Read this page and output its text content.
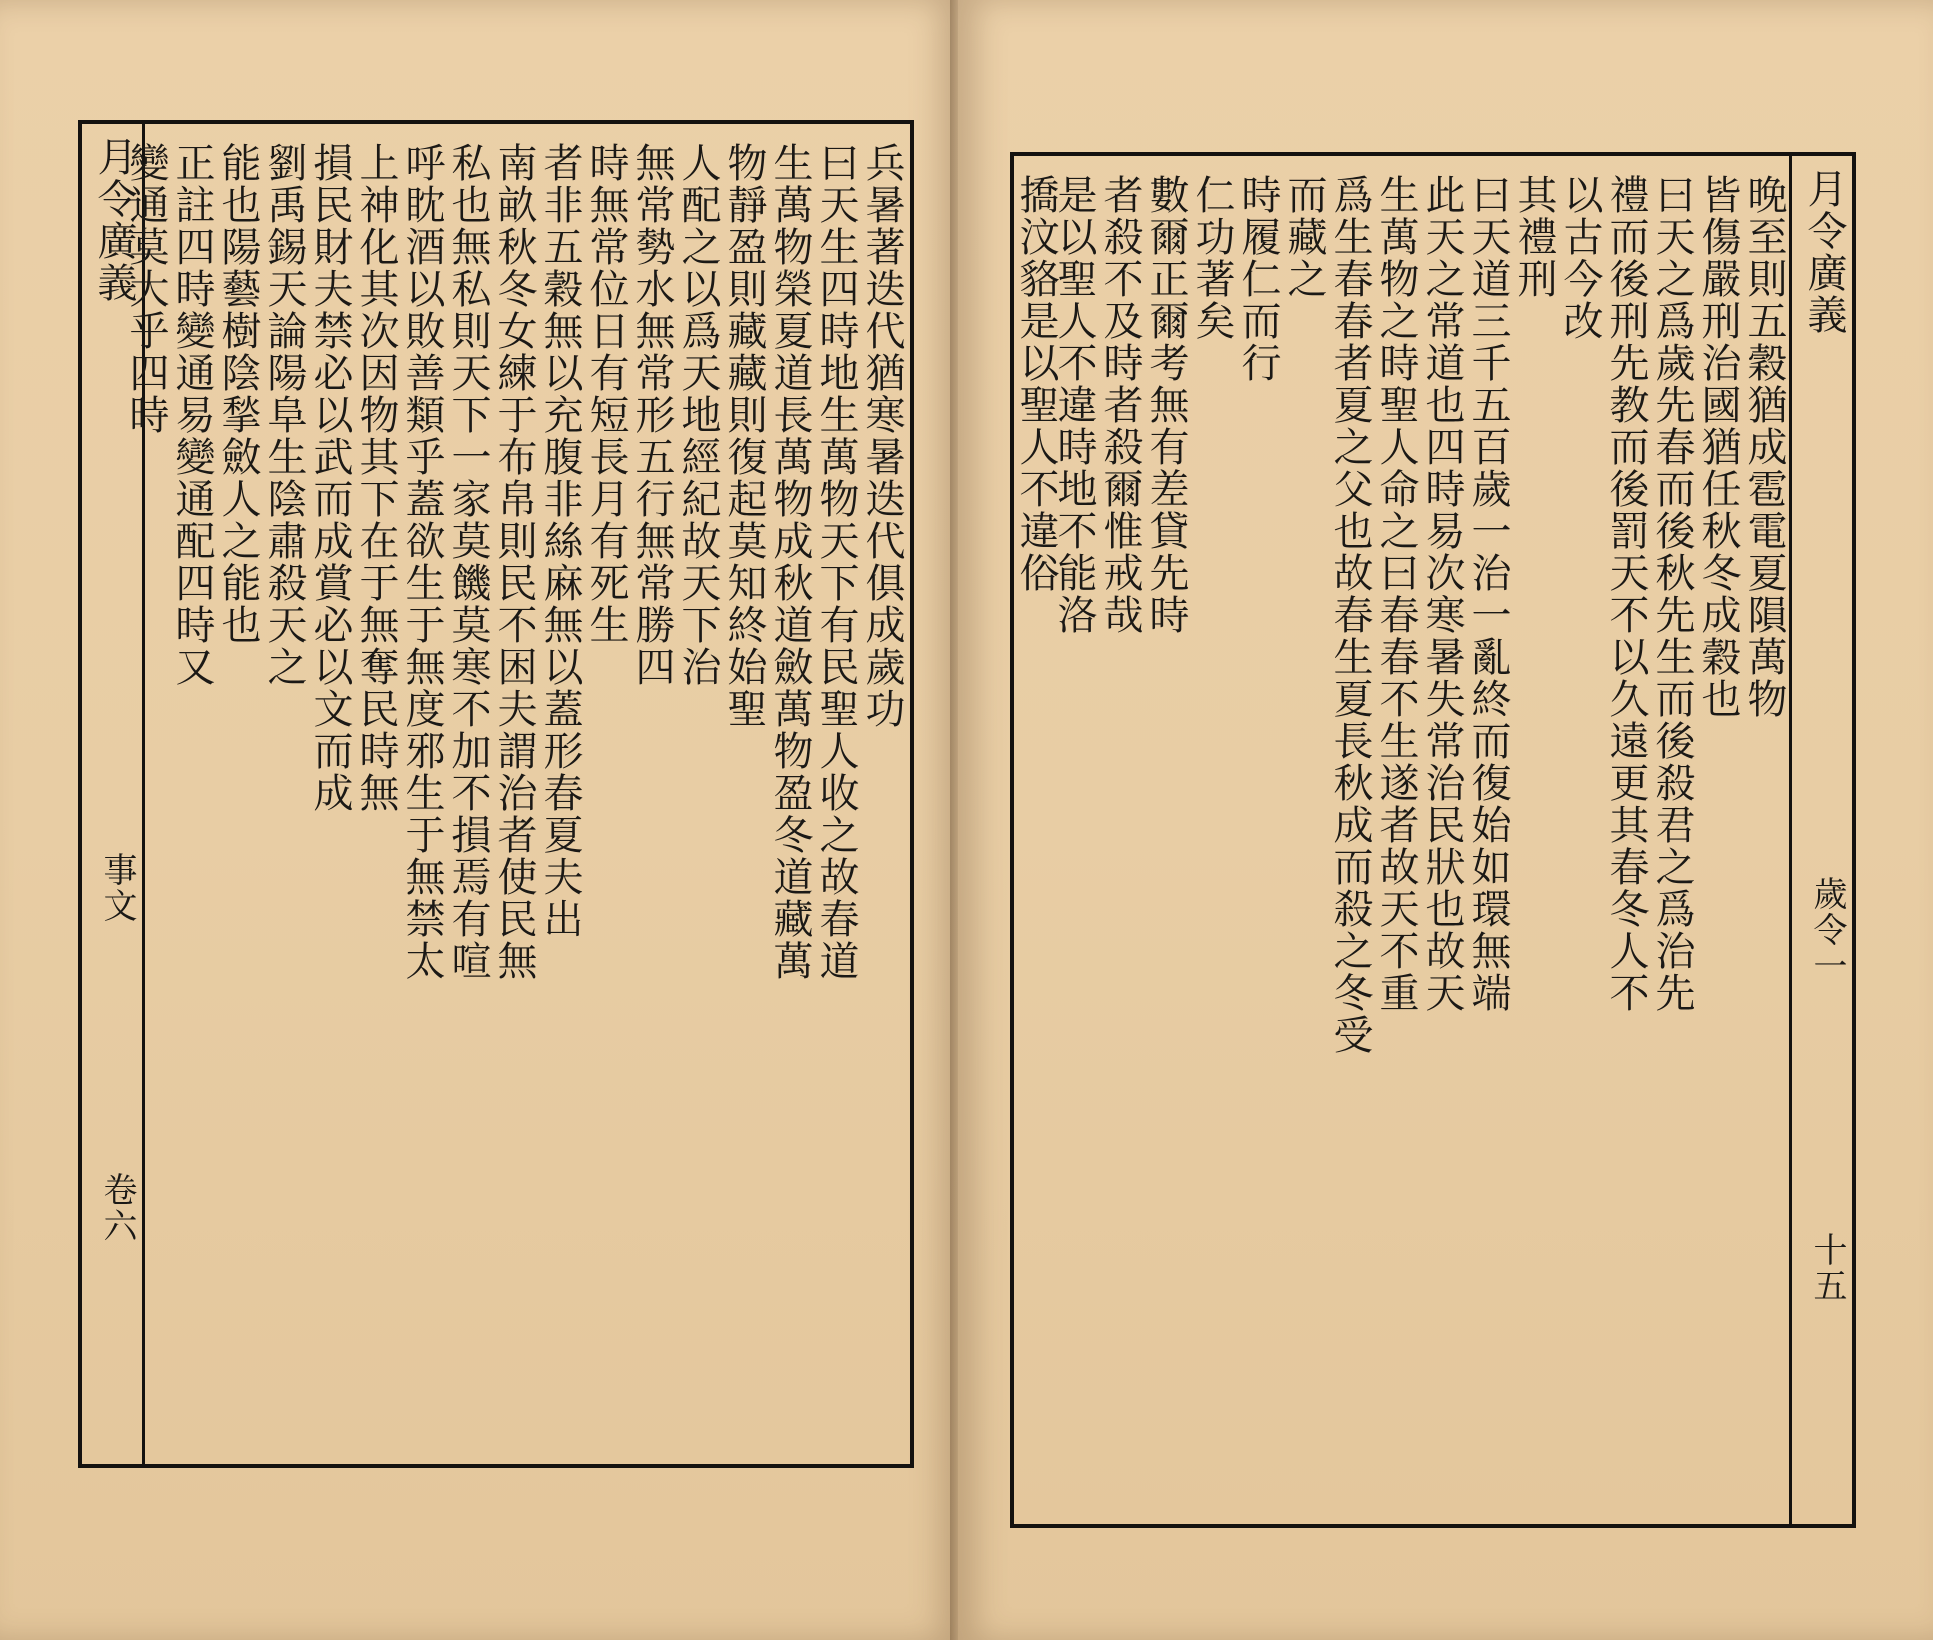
月令廣義
事文
卷六
兵暑著迭代猶寒暑迭代俱成歲功
曰天生四時地生萬物天下有民聖人收之故春道
生萬物榮夏道長萬物成秋道斂萬物盈冬道藏萬
物靜盈則藏藏則復起莫知終始聖
人配之以爲天地經紀故天下治
無常勢水無常形五行無常勝四
時無常位日有短長月有死生
者非五穀無以充腹非絲麻無以蓋形春夏夫出
南畝秋冬女練于布帛則民不困夫謂治者使民無
私也無私則天下一家莫饑莫寒不加不損焉有喧
呼眈酒以敗善類乎蓋欲生于無度邪生于無禁太
上神化其次因物其下在于無奪民時無
損民財夫禁必以武而成賞必以文而成
劉禹錫天論陽阜生陰肅殺天之
能也陽藝樹陰揫斂人之能也
正註四時變通易變通配四時又
變通莫大乎四時	月令廣義
歲令一
十五
晚至則五穀猶成雹電夏隕萬物
皆傷嚴刑治國猶任秋冬成穀也
曰天之爲歲先春而後秋先生而後殺君之爲治先
禮而後刑先教而後罰天不以久遠更其春冬人不
以古今改
其禮刑
曰天道三千五百歲一治一亂終而復始如環無端
此天之常道也四時易次寒暑失常治民狀也故天
生萬物之時聖人命之曰春春不生遂者故天不重
爲生春春者夏之父也故春生夏長秋成而殺之冬受
而藏之
時履仁而行
仁功著矣
數爾正爾考無有差貸先時
者殺不及時者殺爾惟戒哉
是以聖人不違時地不能洛
撟汶貉是以聖人不違俗
